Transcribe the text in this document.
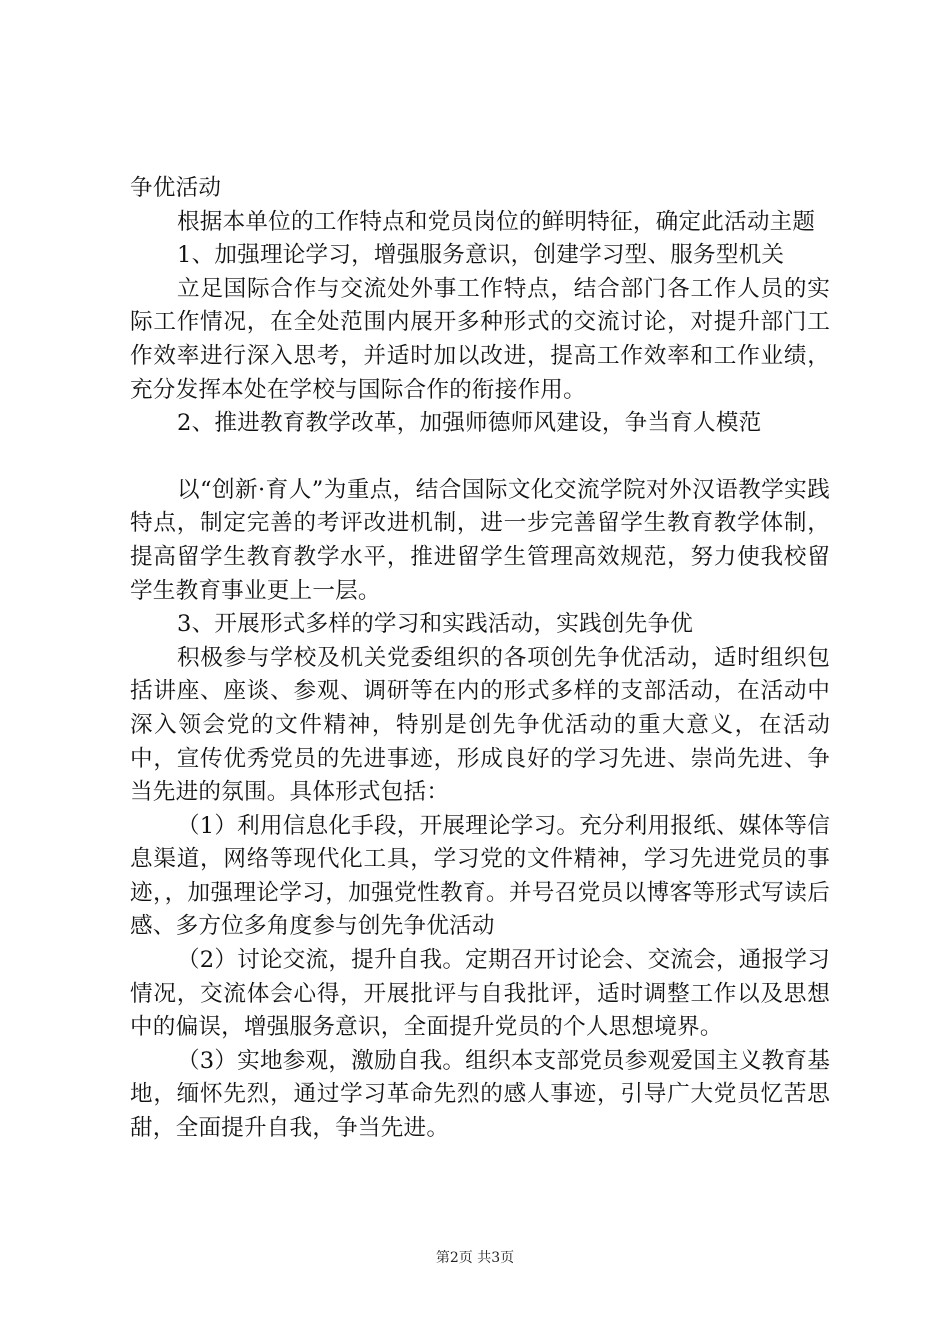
争优活动

根据本单位的工作特点和党员岗位的鲜明特征，确定此活动主题

1、加强理论学习，增强服务意识，创建学习型、服务型机关

立足国际合作与交流处外事工作特点，结合部门各工作人员的实际工作情况，在全处范围内展开多种形式的交流讨论，对提升部门工作效率进行深入思考，并适时加以改进，提高工作效率和工作业绩，充分发挥本处在学校与国际合作的衔接作用。

2、推进教育教学改革，加强师德师风建设，争当育人模范

以“创新·育人”为重点，结合国际文化交流学院对外汉语教学实践特点，制定完善的考评改进机制，进一步完善留学生教育教学体制，提高留学生教育教学水平，推进留学生管理高效规范，努力使我校留学生教育事业更上一层。

3、开展形式多样的学习和实践活动，实践创先争优

积极参与学校及机关党委组织的各项创先争优活动，适时组织包括讲座、座谈、参观、调研等在内的形式多样的支部活动，在活动中深入领会党的文件精神，特别是创先争优活动的重大意义，在活动中，宣传优秀党员的先进事迹，形成良好的学习先进、崇尚先进、争当先进的氛围。具体形式包括：

（1）利用信息化手段，开展理论学习。充分利用报纸、媒体等信息渠道，网络等现代化工具，学习党的文件精神，学习先进党员的事迹，，加强理论学习，加强党性教育。并号召党员以博客等形式写读后感、多方位多角度参与创先争优活动

（2）讨论交流，提升自我。定期召开讨论会、交流会，通报学习情况，交流体会心得，开展批评与自我批评，适时调整工作以及思想中的偏误，增强服务意识，全面提升党员的个人思想境界。

（3）实地参观，激励自我。组织本支部党员参观爱国主义教育基地，缅怀先烈，通过学习革命先烈的感人事迹，引导广大党员忆苦思甜，全面提升自我，争当先进。

第2页 共3页
